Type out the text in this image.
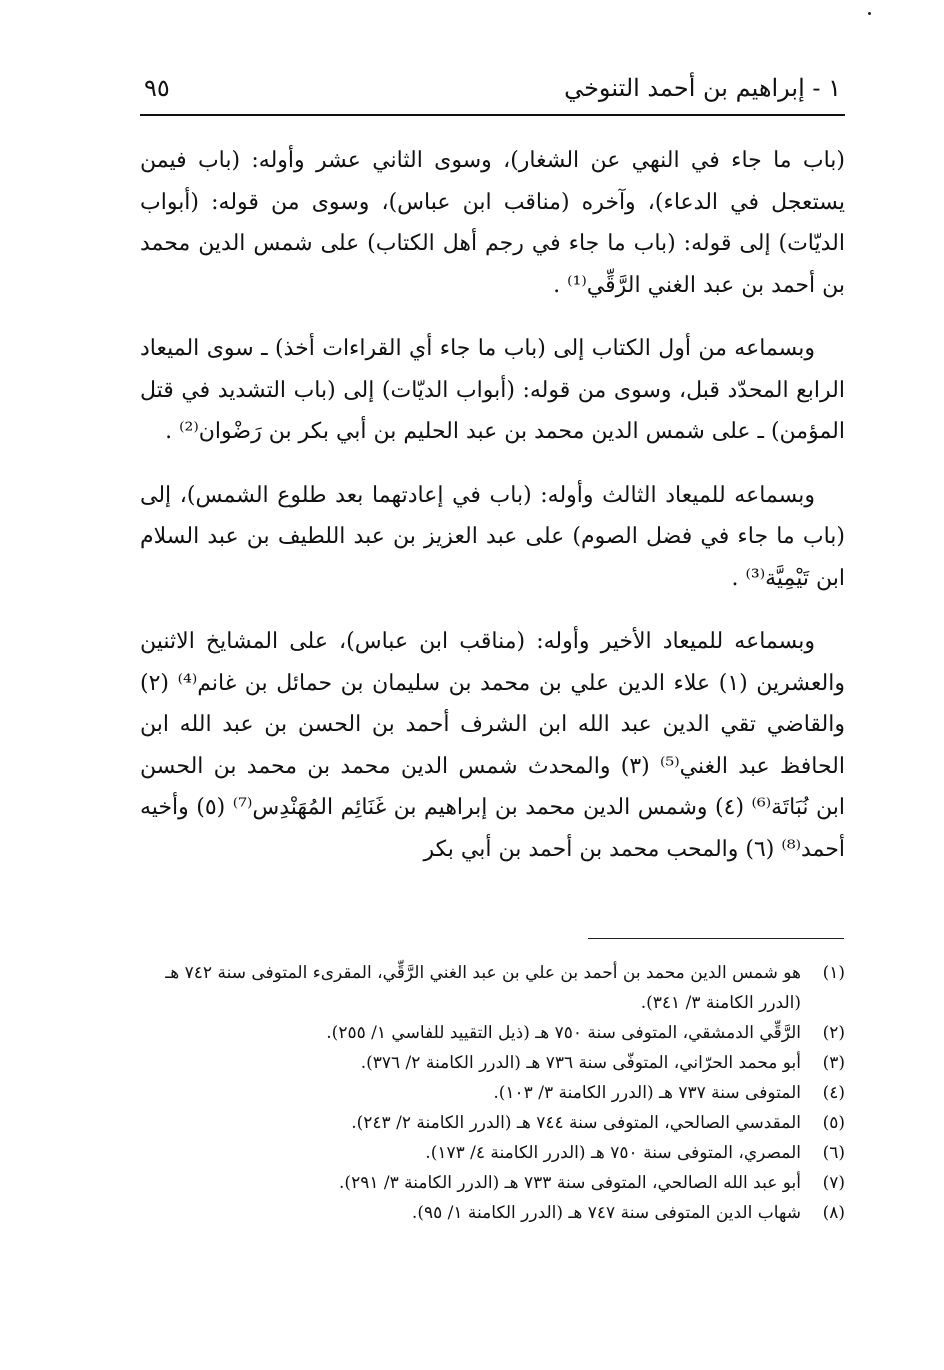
١ - إبراهيم بن أحمد التنوخي
٩٥

(باب ما جاء في النهي عن الشغار)، وسوى الثاني عشر وأوله: (باب فيمن يستعجل في الدعاء)، وآخره (مناقب ابن عباس)، وسوى من قوله: (أبواب الديّات) إلى قوله: (باب ما جاء في رجم أهل الكتاب) على شمس الدين محمد بن أحمد بن عبد الغني الرَّقِّي⁽¹⁾ .

وبسماعه من أول الكتاب إلى (باب ما جاء أي القراءات أخذ) ـ سوى الميعاد الرابع المحدّد قبل، وسوى من قوله: (أبواب الديّات) إلى (باب التشديد في قتل المؤمن) ـ على شمس الدين محمد بن عبد الحليم بن أبي بكر بن رَضْوان⁽²⁾ .

وبسماعه للميعاد الثالث وأوله: (باب في إعادتهما بعد طلوع الشمس)، إلى (باب ما جاء في فضل الصوم) على عبد العزيز بن عبد اللطيف بن عبد السلام ابن تَيْمِيَّة⁽³⁾ .

وبسماعه للميعاد الأخير وأوله: (مناقب ابن عباس)، على المشايخ الاثنين والعشرين (١) علاء الدين علي بن محمد بن سليمان بن حمائل بن غانم⁽⁴⁾ (٢) والقاضي تقي الدين عبد الله ابن الشرف أحمد بن الحسن بن عبد الله ابن الحافظ عبد الغني⁽⁵⁾ (٣) والمحدث شمس الدين محمد بن محمد بن الحسن ابن نُبَاتَة⁽⁶⁾ (٤) وشمس الدين محمد بن إبراهيم بن غَنَائِم المُهَنْدِس⁽⁷⁾ (٥) وأخيه أحمد⁽⁸⁾ (٦) والمحب محمد بن أحمد بن أبي بكر

(١)
هو شمس الدين محمد بن أحمد بن علي بن عبد الغني الرَّقِّي، المقرىء المتوفى سنة ٧٤٢ هـ (الدرر الكامنة ٣/ ٣٤١).
(٢)
الرَّقِّي الدمشقي، المتوفى سنة ٧٥٠ هـ (ذيل التقييد للفاسي ١/ ٢٥٥).
(٣)
أبو محمد الحرّاني، المتوفّى سنة ٧٣٦ هـ (الدرر الكامنة ٢/ ٣٧٦).
(٤)
المتوفى سنة ٧٣٧ هـ (الدرر الكامنة ٣/ ١٠٣).
(٥)
المقدسي الصالحي، المتوفى سنة ٧٤٤ هـ (الدرر الكامنة ٢/ ٢٤٣).
(٦)
المصري، المتوفى سنة ٧٥٠ هـ (الدرر الكامنة ٤/ ١٧٣).
(٧)
أبو عبد الله الصالحي، المتوفى سنة ٧٣٣ هـ (الدرر الكامنة ٣/ ٢٩١).
(٨)
شهاب الدين المتوفى سنة ٧٤٧ هـ (الدرر الكامنة ١/ ٩٥).
